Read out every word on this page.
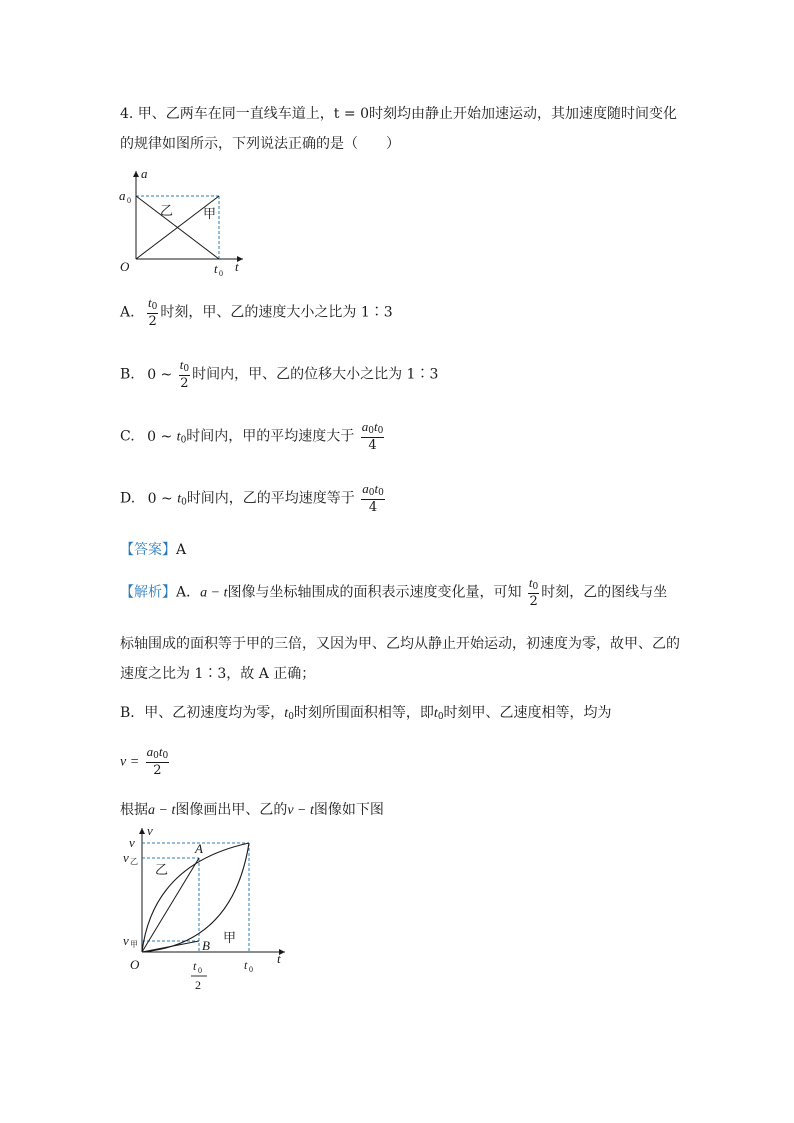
4. 甲、乙两车在同一直线车道上，t = 0时刻均由静止开始加速运动，其加速度随时间变化
的规律如图所示，下列说法正确的是（　　）
a
t
O
a 0
t 0
乙 甲
A. $\frac{t_0}{2}$ 时刻，甲、乙的速度大小之比为 1∶3
B. 0 ~ $\frac{t_0}{2}$ 时间内，甲、乙的位移大小之比为 1∶3
C. 0 ~ $t_0$时间内，甲的平均速度大于 $\frac{a_0t_0}{4}$
D. 0 ~ $t_0$时间内，乙的平均速度等于 $\frac{a_0t_0}{4}$
【答案】A
【解析】A．a − t图像与坐标轴围成的面积表示速度变化量，可知 $\frac{t_0}{2}$ 时刻，乙的图线与坐
标轴围成的面积等于甲的三倍，又因为甲、乙均从静止开始运动，初速度为零，故甲、乙的
速度之比为 1∶3，故 A 正确；
B．甲、乙初速度均为零，$t_0$时刻所围面积相等，即$t_0$时刻甲、乙速度相等，均为
$v = \frac{a_0t_0}{2}$
根据a − t图像画出甲、乙的v − t图像如下图
v
t
O
v
v 乙
v 甲
A
B
乙
甲
t 0
2
t 0
